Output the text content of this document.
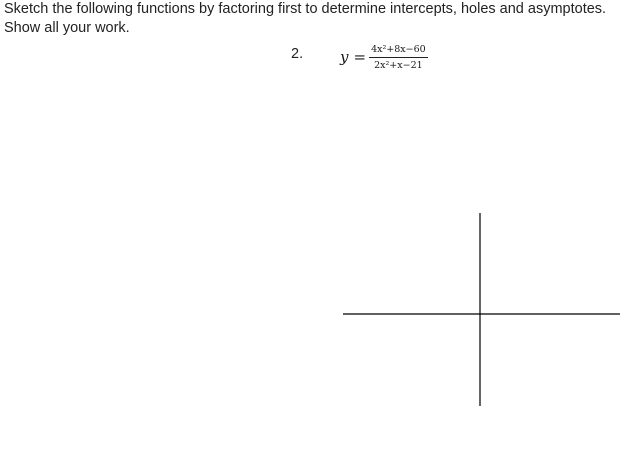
Sketch the following functions by factoring first to determine intercepts, holes and asymptotes.

Show all your work.

2. $y = \frac{\text{4x²+8x−60}}{\text{2x²+x−21}}$
